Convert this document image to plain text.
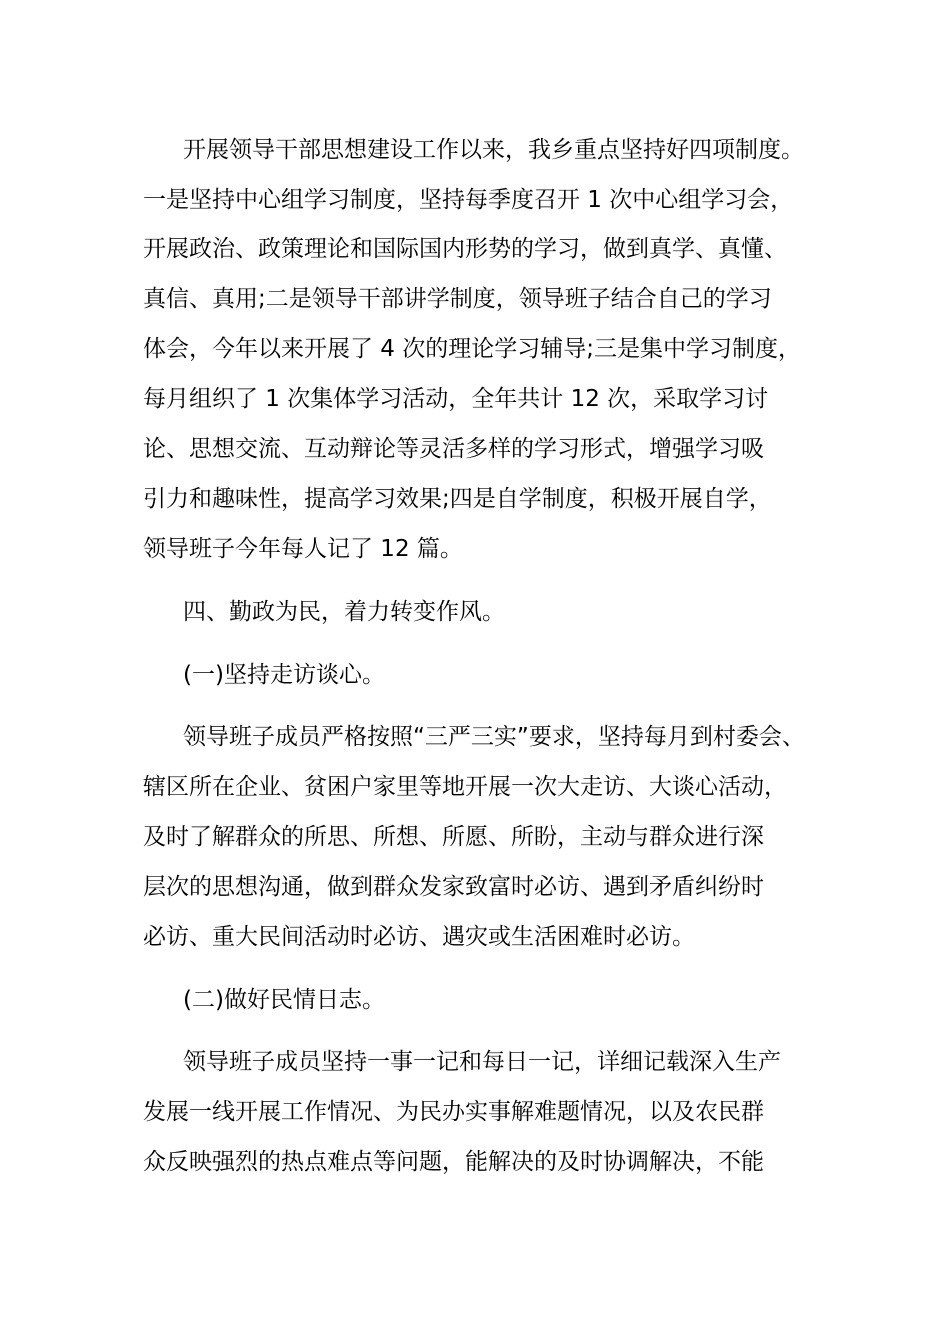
开展领导干部思想建设工作以来，我乡重点坚持好四项制度。
一是坚持中心组学习制度，坚持每季度召开 1 次中心组学习会，
开展政治、政策理论和国际国内形势的学习，做到真学、真懂、
真信、真用;二是领导干部讲学制度，领导班子结合自己的学习
体会，今年以来开展了 4 次的理论学习辅导;三是集中学习制度，
每月组织了 1 次集体学习活动，全年共计 12 次，采取学习讨
论、思想交流、互动辩论等灵活多样的学习形式，增强学习吸
引力和趣味性，提高学习效果;四是自学制度，积极开展自学，
领导班子今年每人记了 12 篇。
四、勤政为民，着力转变作风。
(一)坚持走访谈心。
领导班子成员严格按照“三严三实”要求，坚持每月到村委会、
辖区所在企业、贫困户家里等地开展一次大走访、大谈心活动，
及时了解群众的所思、所想、所愿、所盼，主动与群众进行深
层次的思想沟通，做到群众发家致富时必访、遇到矛盾纠纷时
必访、重大民间活动时必访、遇灾或生活困难时必访。
(二)做好民情日志。
领导班子成员坚持一事一记和每日一记，详细记载深入生产
发展一线开展工作情况、为民办实事解难题情况，以及农民群
众反映强烈的热点难点等问题，能解决的及时协调解决，不能
